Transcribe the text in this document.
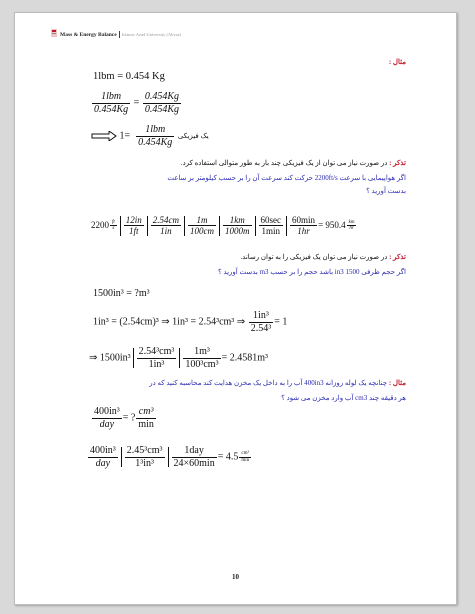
Mass & Energy Balance Islamic Azad University (Ahvaz)
مثال :
1lbm = 0.454 Kg
$\frac{\text{1lbm}}{0.454Kg} = \frac{0.454Kg}{0.454Kg}$
یک فیزیکی
$\frac{\text{1lbm}}{0.454Kg}$
=1
تذکر : در صورت نیاز می توان از یک فیزیکی چند بار به طور متوالی استفاده کرد.
اگر هواپیمایی با سرعت 2200ft/s حرکت کند سرعت آن را بر حسب کیلومتر بر ساعت
بدست آورید ؟
$2200 \frac{ft}{s} \frac{12in}{1ft} \frac{2.54cm}{1in} \frac{1m}{100cm} \frac{1km}{1000m} \frac{60\sec}{1\min} \frac{60\min}{1hr} = 950.4 \frac{km}{hr}$
تذکر : در صورت نیاز می توان یک فیزیکی را به توان رساند.
اگر حجم ظرفی 1500 in3 باشد حجم را بر حسب m3 بدست آورید ؟
1500in³ = ?m³
1in³ = (2.54cm)³ ⇒ 1in³ = 2.54³cm³ ⇒ $\frac{\text{1in³}}{\text{2.54³}} = 1$
⇒ $1500in^3 \frac{\text{2.54³cm³}}{\text{1in³}} \frac{\text{1m³}}{\text{100³cm³}} = 2.4581m^3$
مثال : چنانچه یک لوله روزانه 400in3 آب را به داخل یک مخزن هدایت کند محاسبه کنید که در
هر دقیقه چند cm3 آب وارد مخزن می شود ؟
$\frac{\text{400in³}}{\text{day}}$ = ? $\frac{\text{cm³}}{\min}$
$\frac{\text{400in³}}{\text{day}} \frac{\text{2.45³cm³}}{\text{1³in³}} \frac{\text{1day}}{24\times 60\min} = 4.5 \frac{\text{cm³}}{\min}$
10
